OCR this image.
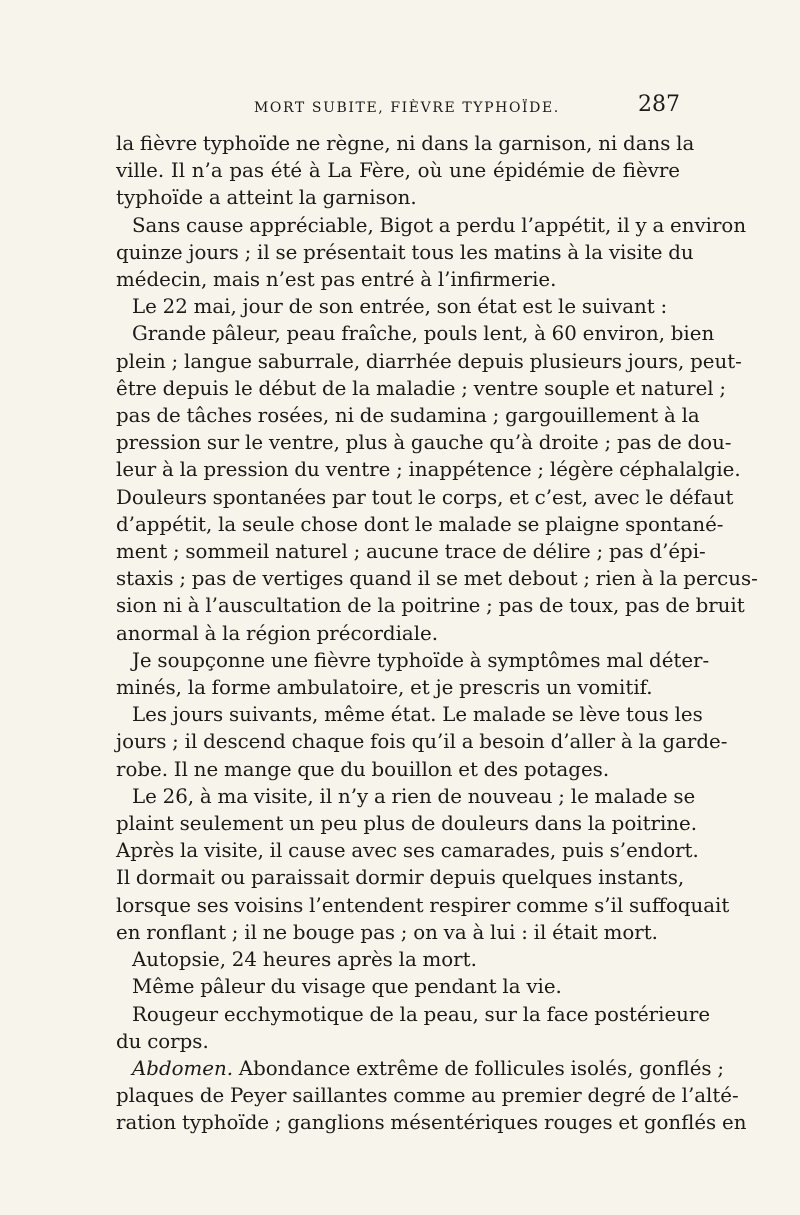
MORT SUBITE, FIÈVRE TYPHOÏDE.	287

la fièvre typhoïde ne règne, ni dans la garnison, ni dans la

ville. Il n’a pas été à La Fère, où une épidémie de fièvre

typhoïde a atteint la garnison.

Sans cause appréciable, Bigot a perdu l’appétit, il y a environ

quinze jours ; il se présentait tous les matins à la visite du

médecin, mais n’est pas entré à l’infirmerie.

Le 22 mai, jour de son entrée, son état est le suivant :

Grande pâleur, peau fraîche, pouls lent, à 60 environ, bien

plein ; langue saburrale, diarrhée depuis plusieurs jours, peut-

être depuis le début de la maladie ; ventre souple et naturel ;

pas de tâches rosées, ni de sudamina ; gargouillement à la

pression sur le ventre, plus à gauche qu’à droite ; pas de dou-

leur à la pression du ventre ; inappétence ; légère céphalalgie.

Douleurs spontanées par tout le corps, et c’est, avec le défaut

d’appétit, la seule chose dont le malade se plaigne spontané-

ment ; sommeil naturel ; aucune trace de délire ; pas d’épi-

staxis ; pas de vertiges quand il se met debout ; rien à la percus-

sion ni à l’auscultation de la poitrine ; pas de toux, pas de bruit

anormal à la région précordiale.

Je soupçonne une fièvre typhoïde à symptômes mal déter-

minés, la forme ambulatoire, et je prescris un vomitif.

Les jours suivants, même état. Le malade se lève tous les

jours ; il descend chaque fois qu’il a besoin d’aller à la garde-

robe. Il ne mange que du bouillon et des potages.

Le 26, à ma visite, il n’y a rien de nouveau ; le malade se

plaint seulement un peu plus de douleurs dans la poitrine.

Après la visite, il cause avec ses camarades, puis s’endort.

Il dormait ou paraissait dormir depuis quelques instants,

lorsque ses voisins l’entendent respirer comme s’il suffoquait

en ronflant ; il ne bouge pas ; on va à lui : il était mort.

Autopsie, 24 heures après la mort.

Même pâleur du visage que pendant la vie.

Rougeur ecchymotique de la peau, sur la face postérieure

du corps.

Abdomen. Abondance extrême de follicules isolés, gonflés ;

plaques de Peyer saillantes comme au premier degré de l’alté-

ration typhoïde ; ganglions mésentériques rouges et gonflés en
